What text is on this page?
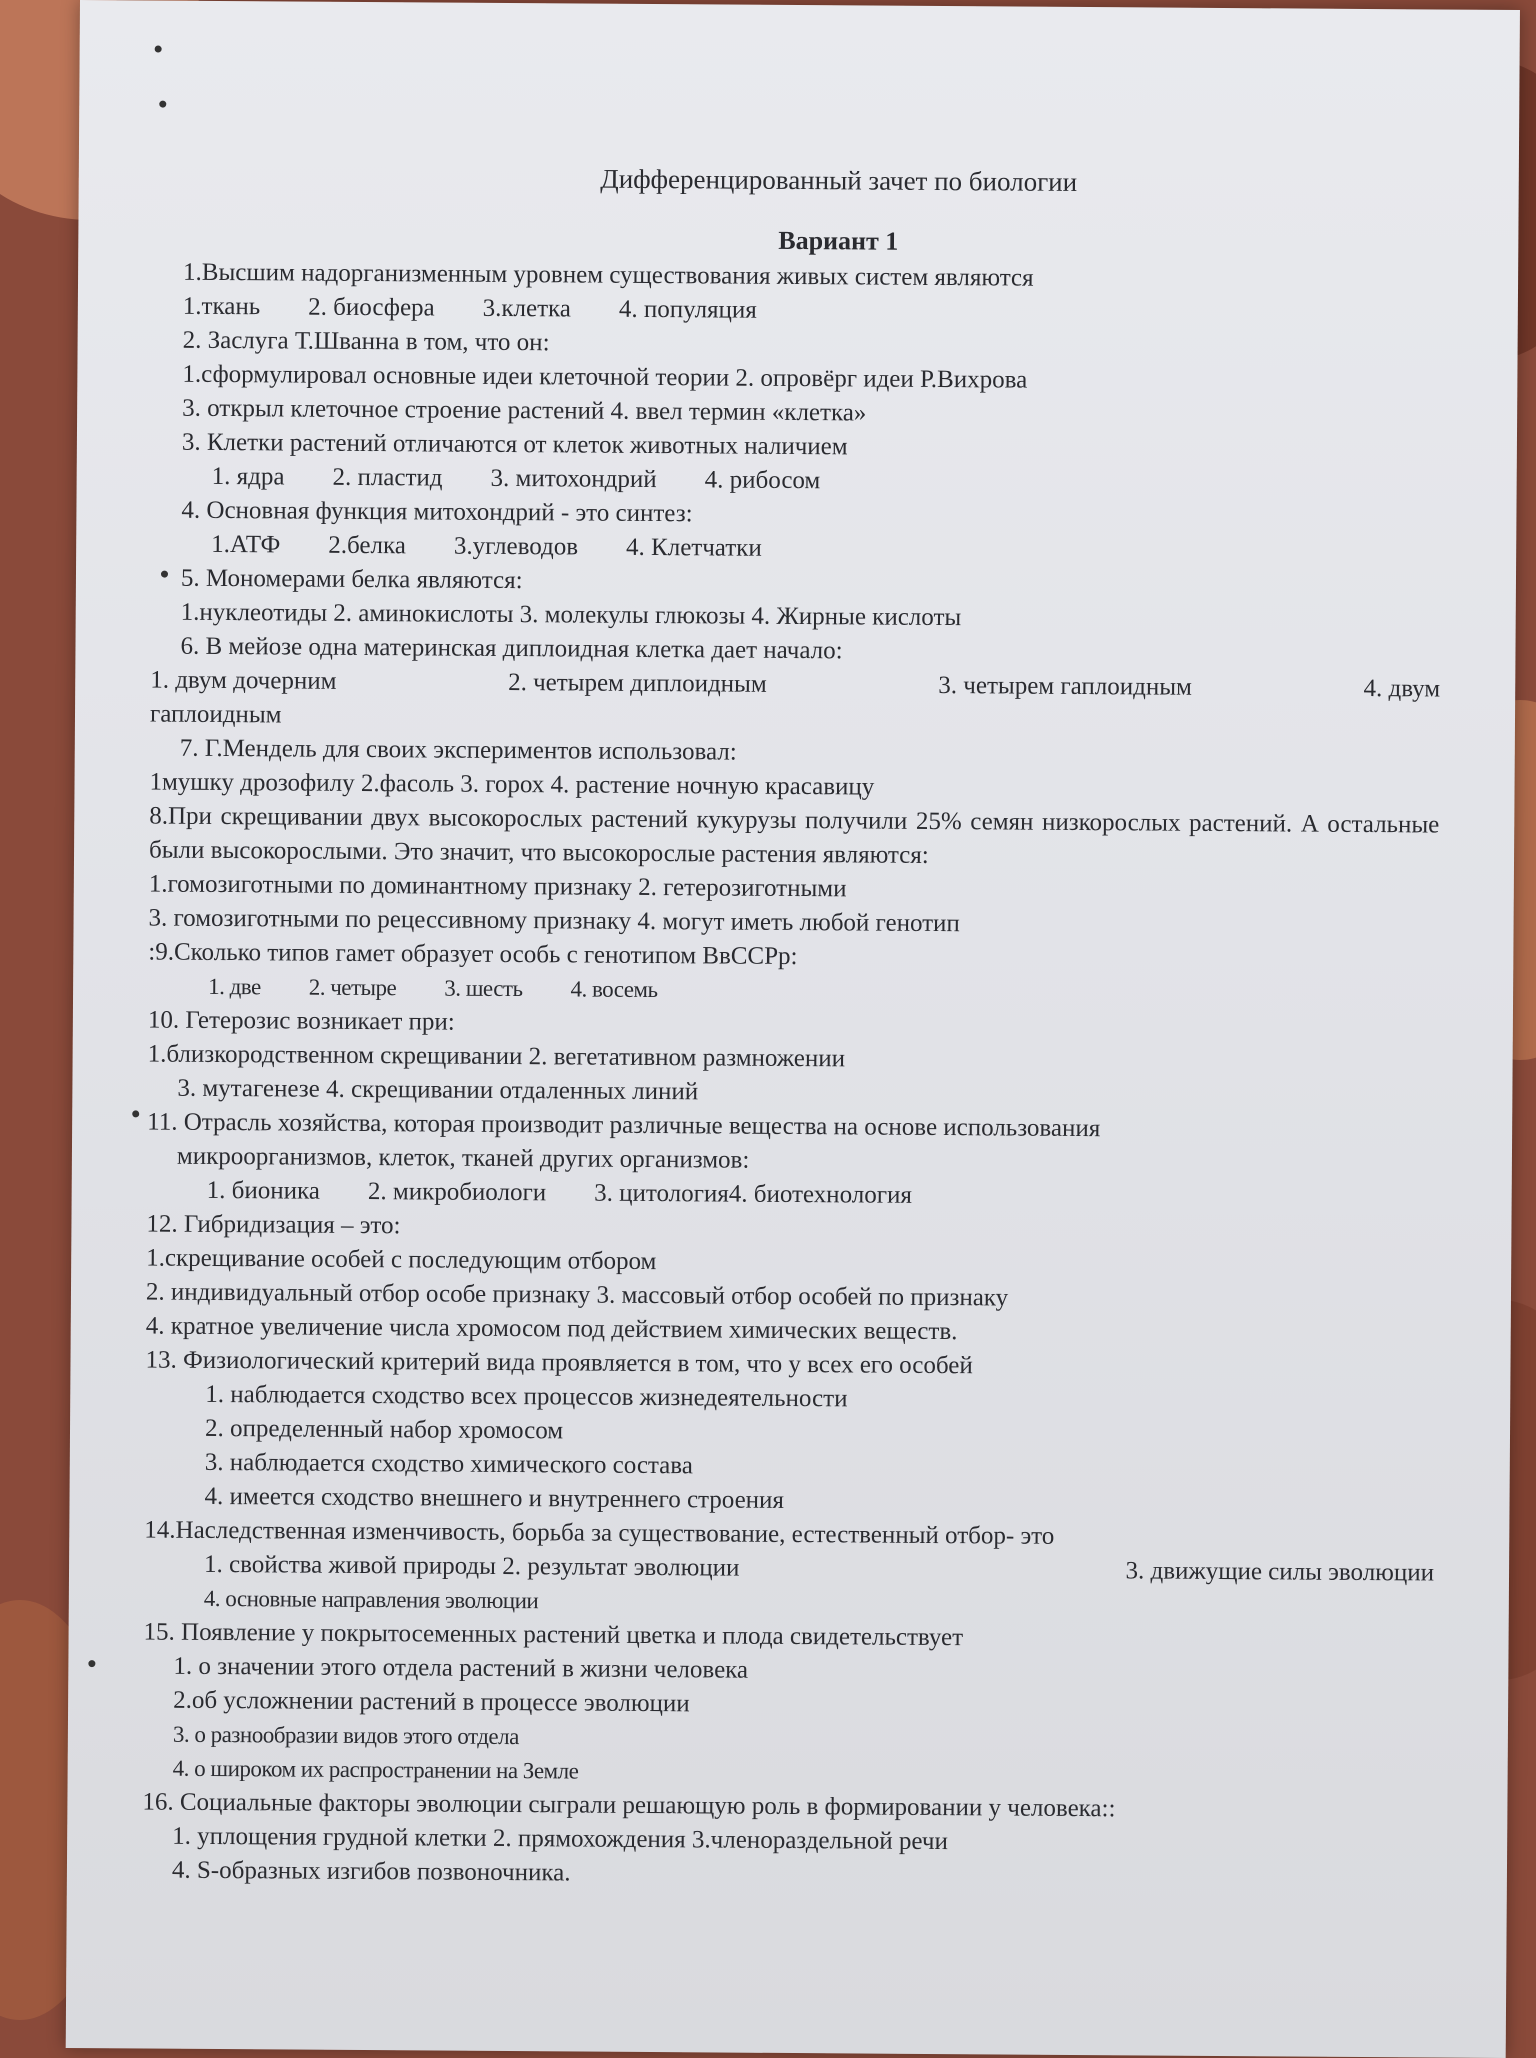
Дифференцированный зачет по биологии
Вариант 1
1.Высшим надорганизменным уровнем существования живых систем являются
1.ткань 2. биосфера 3.клетка 4. популяция
2. Заслуга Т.Шванна в том, что он:
1.сформулировал основные идеи клеточной теории 2. опровёрг идеи Р.Вихрова
3. открыл клеточное строение растений 4. ввел термин «клетка»
3. Клетки растений отличаются от клеток животных наличием
1. ядра 2. пластид 3. митохондрий 4. рибосом
4. Основная функция митохондрий - это синтез:
1.АТФ 2.белка 3.углеводов 4. Клетчатки
5. Мономерами белка являются:
1.нуклеотиды 2. аминокислоты 3. молекулы глюкозы 4. Жирные кислоты
6. В мейозе одна материнская диплоидная клетка дает начало:
1. двум дочерним	2. четырем диплоидным	3. четырем гаплоидным	4. двум
гаплоидным
7. Г.Мендель для своих экспериментов использовал:
1мушку дрозофилу 2.фасоль 3. горох 4. растение ночную красавицу
8.При скрещивании двух высокорослых растений кукурузы получили 25% семян низкорослых растений. А остальные были высокорослыми. Это значит, что высокорослые растения являются:
1.гомозиготными по доминантному признаку 2. гетерозиготными
3. гомозиготными по рецессивному признаку 4. могут иметь любой генотип
:9.Сколько типов гамет образует особь с генотипом ВвССРр:
1. две 2. четыре 3. шесть 4. восемь
10. Гетерозис возникает при:
1.близкородственном скрещивании 2. вегетативном размножении
3. мутагенезе 4. скрещивании отдаленных линий
11. Отрасль хозяйства, которая производит различные вещества на основе использования
микроорганизмов, клеток, тканей других организмов:
1. бионика 2. микробиологи 3. цитология4. биотехнология
12. Гибридизация – это:
1.скрещивание особей с последующим отбором
2. индивидуальный отбор особе признаку 3. массовый отбор особей по признаку
4. кратное увеличение числа хромосом под действием химических веществ.
13. Физиологический критерий вида проявляется в том, что у всех его особей
1. наблюдается сходство всех процессов жизнедеятельности
2. определенный набор хромосом
3. наблюдается сходство химического состава
4. имеется сходство внешнего и внутреннего строения
14.Наследственная изменчивость, борьба за существование, естественный отбор- это
1. свойства живой природы 2. результат эволюции	3. движущие силы эволюции
4. основные направления эволюции
15. Появление у покрытосеменных растений цветка и плода свидетельствует
1. о значении этого отдела растений в жизни человека
2.об усложнении растений в процессе эволюции
3. о разнообразии видов этого отдела
4. о широком их распространении на Земле
16. Социальные факторы эволюции сыграли решающую роль в формировании у человека::
1. уплощения грудной клетки 2. прямохождения 3.членораздельной речи
4. S-образных изгибов позвоночника.
